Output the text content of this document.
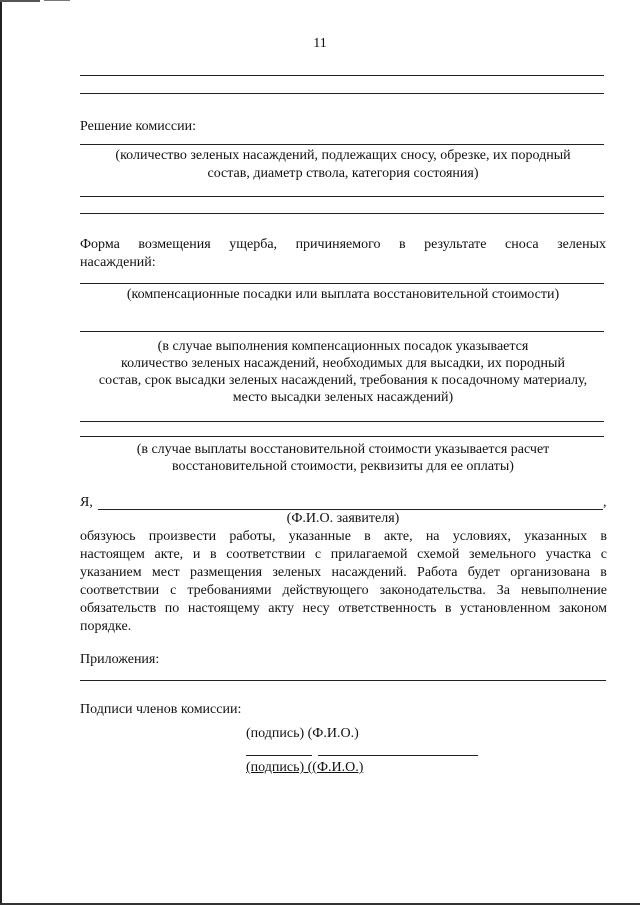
11
Решение комиссии:
(количество зеленых насаждений, подлежащих сносу, обрезке, их породный
состав, диаметр ствола, категория состояния)
Форма возмещения ущерба, причиняемого в результате сноса зеленых
насаждений:
(компенсационные посадки или выплата восстановительной стоимости)
(в случае выполнения компенсационных посадок указывается
количество зеленых насаждений, необходимых для высадки, их породный
состав, срок высадки зеленых насаждений, требования к посадочному материалу,
место высадки зеленых насаждений)
(в случае выплаты восстановительной стоимости указывается расчет
восстановительной стоимости, реквизиты для ее оплаты)
Я,	,
(Ф.И.О. заявителя)
обязуюсь произвести работы, указанные в акте, на условиях, указанных в
настоящем акте, и в соответствии с прилагаемой схемой земельного участка с
указанием мест размещения зеленых насаждений. Работа будет организована в
соответствии с требованиями действующего законодательства. За невыполнение
обязательств по настоящему акту несу ответственность в установленном законом
порядке.
Приложения:
Подписи членов комиссии:
(подпись) (Ф.И.О.)
(подпись) ((Ф.И.О.)
